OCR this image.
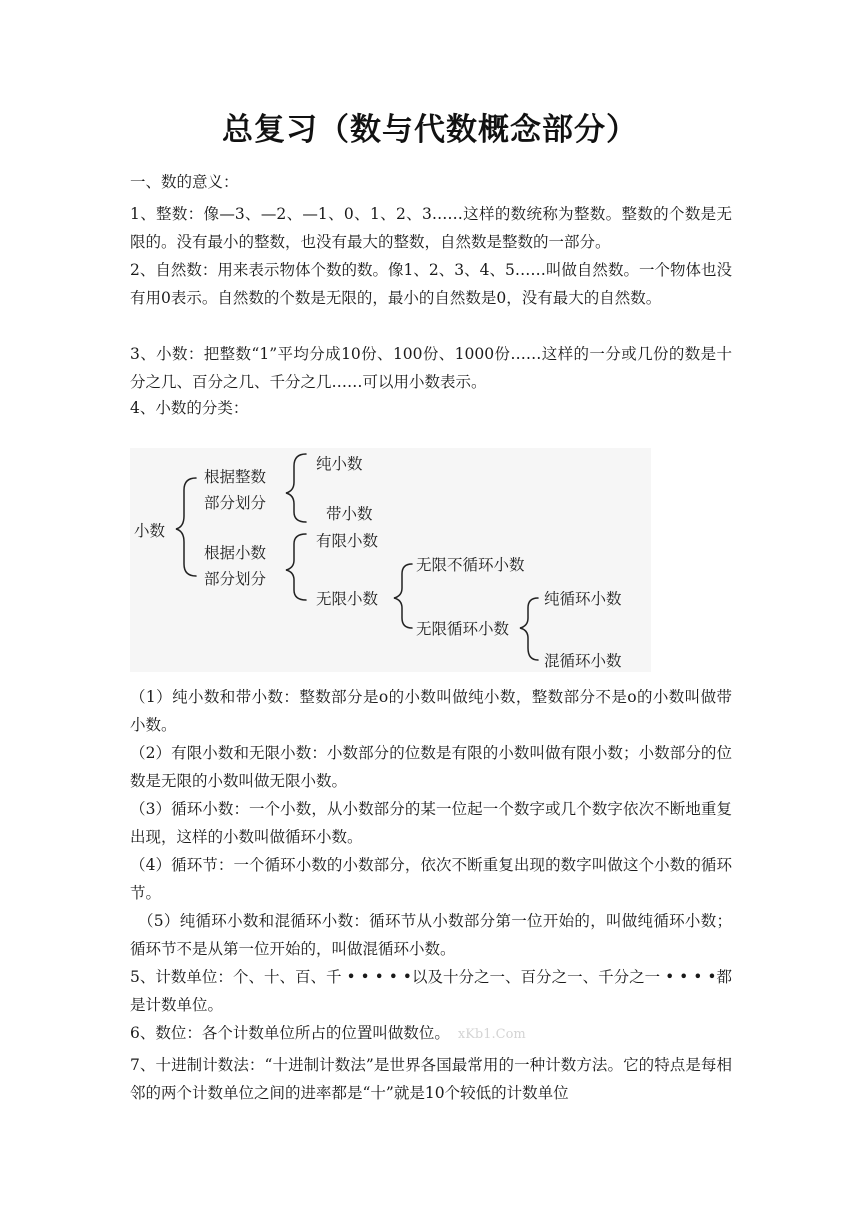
总复习（数与代数概念部分）
一、数的意义：
1、整数：像—3、—2、—1、0、1、2、3……这样的数统称为整数。整数的个数是无限的。没有最小的整数，也没有最大的整数，自然数是整数的一部分。
2、自然数：用来表示物体个数的数。像1、2、3、4、5……叫做自然数。一个物体也没有用0表示。自然数的个数是无限的，最小的自然数是0，没有最大的自然数。
3、小数：把整数“1”平均分成10份、100份、1000份……这样的一分或几份的数是十分之几、百分之几、千分之几……可以用小数表示。
4、小数的分类：
小数
根据整数
部分划分
纯小数
带小数
根据小数
部分划分
有限小数
无限小数
无限不循环小数
无限循环小数
纯循环小数
混循环小数
（1）纯小数和带小数：整数部分是o的小数叫做纯小数，整数部分不是o的小数叫做带小数。
（2）有限小数和无限小数：小数部分的位数是有限的小数叫做有限小数；小数部分的位数是无限的小数叫做无限小数。
（3）循环小数：一个小数，从小数部分的某一位起一个数字或几个数字依次不断地重复出现，这样的小数叫做循环小数。
（4）循环节：一个循环小数的小数部分，依次不断重复出现的数字叫做这个小数的循环节。
（5）纯循环小数和混循环小数：循环节从小数部分第一位开始的，叫做纯循环小数；循环节不是从第一位开始的，叫做混循环小数。
5、计数单位：个、十、百、千 • • • • •以及十分之一、百分之一、千分之一 • • • •都是计数单位。
6、数位：各个计数单位所占的位置叫做数位。 xKb1.Com
7、十进制计数法：“十进制计数法”是世界各国最常用的一种计数方法。它的特点是每相邻的两个计数单位之间的进率都是“十”就是10个较低的计数单位
